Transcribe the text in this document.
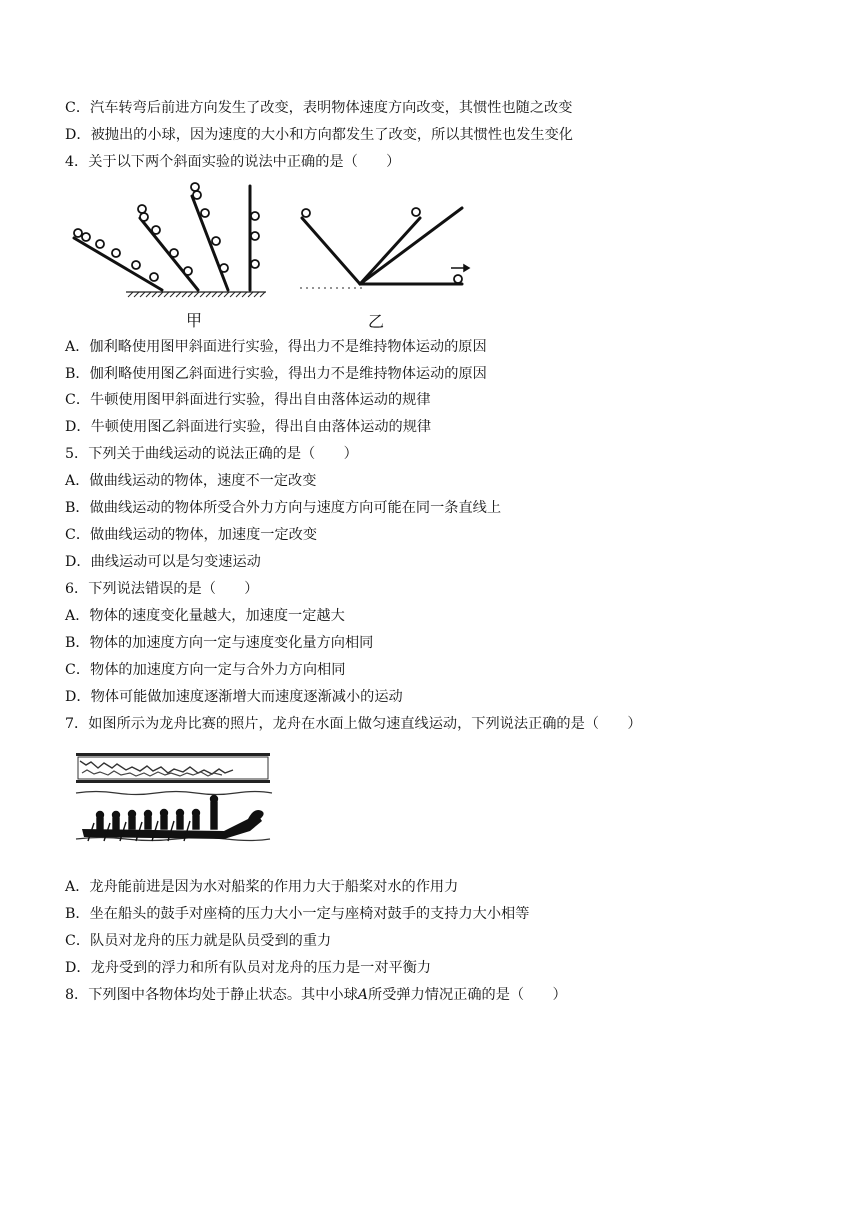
C．汽车转弯后前进方向发生了改变，表明物体速度方向改变，其惯性也随之改变
D．被抛出的小球，因为速度的大小和方向都发生了改变，所以其惯性也发生变化
4．关于以下两个斜面实验的说法中正确的是（　　）
甲	乙
A．伽利略使用图甲斜面进行实验，得出力不是维持物体运动的原因
B．伽利略使用图乙斜面进行实验，得出力不是维持物体运动的原因
C．牛顿使用图甲斜面进行实验，得出自由落体运动的规律
D．牛顿使用图乙斜面进行实验，得出自由落体运动的规律
5．下列关于曲线运动的说法正确的是（　　）
A．做曲线运动的物体，速度不一定改变
B．做曲线运动的物体所受合外力方向与速度方向可能在同一条直线上
C．做曲线运动的物体，加速度一定改变
D．曲线运动可以是匀变速运动
6．下列说法错误的是（　　）
A．物体的速度变化量越大，加速度一定越大
B．物体的加速度方向一定与速度变化量方向相同
C．物体的加速度方向一定与合外力方向相同
D．物体可能做加速度逐渐增大而速度逐渐减小的运动
7．如图所示为龙舟比赛的照片，龙舟在水面上做匀速直线运动，下列说法正确的是（　　）
A．龙舟能前进是因为水对船桨的作用力大于船桨对水的作用力
B．坐在船头的鼓手对座椅的压力大小一定与座椅对鼓手的支持力大小相等
C．队员对龙舟的压力就是队员受到的重力
D．龙舟受到的浮力和所有队员对龙舟的压力是一对平衡力
8．下列图中各物体均处于静止状态。其中小球A所受弹力情况正确的是（　　）
